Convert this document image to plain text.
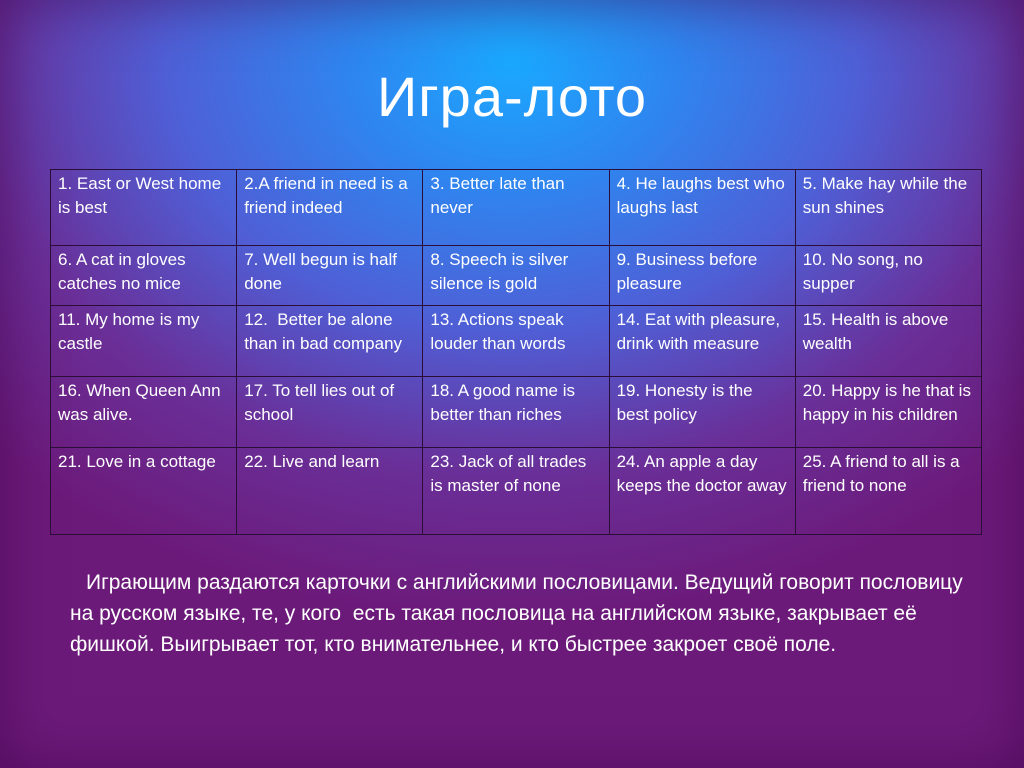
Игра-лото
1. East or West home is best	2.A friend in need is a friend indeed	3. Better late than never	4. He laughs best who laughs last	5. Make hay while the sun shines
6. A cat in gloves catches no mice	7. Well begun is half done	8. Speech is silver silence is gold	9. Business before pleasure	10. No song, no supper
11. My home is my castle	12.  Better be alone than in bad company	13. Actions speak louder than words	14. Eat with pleasure, drink with measure	15. Health is above wealth
16. When Queen Ann was alive.	17. To tell lies out of school	18. A good name is better than riches	19. Honesty is the best policy	20. Happy is he that is happy in his children
21. Love in a cottage	22. Live and learn	23. Jack of all trades is master of none	24. An apple a day keeps the doctor away	25. A friend to all is a friend to none

Играющим раздаются карточки с английскими пословицами. Ведущий говорит пословицу на русском языке, те, у кого  есть такая пословица на английском языке, закрывает её фишкой. Выигрывает тот, кто внимательнее, и кто быстрее закроет своё поле.
